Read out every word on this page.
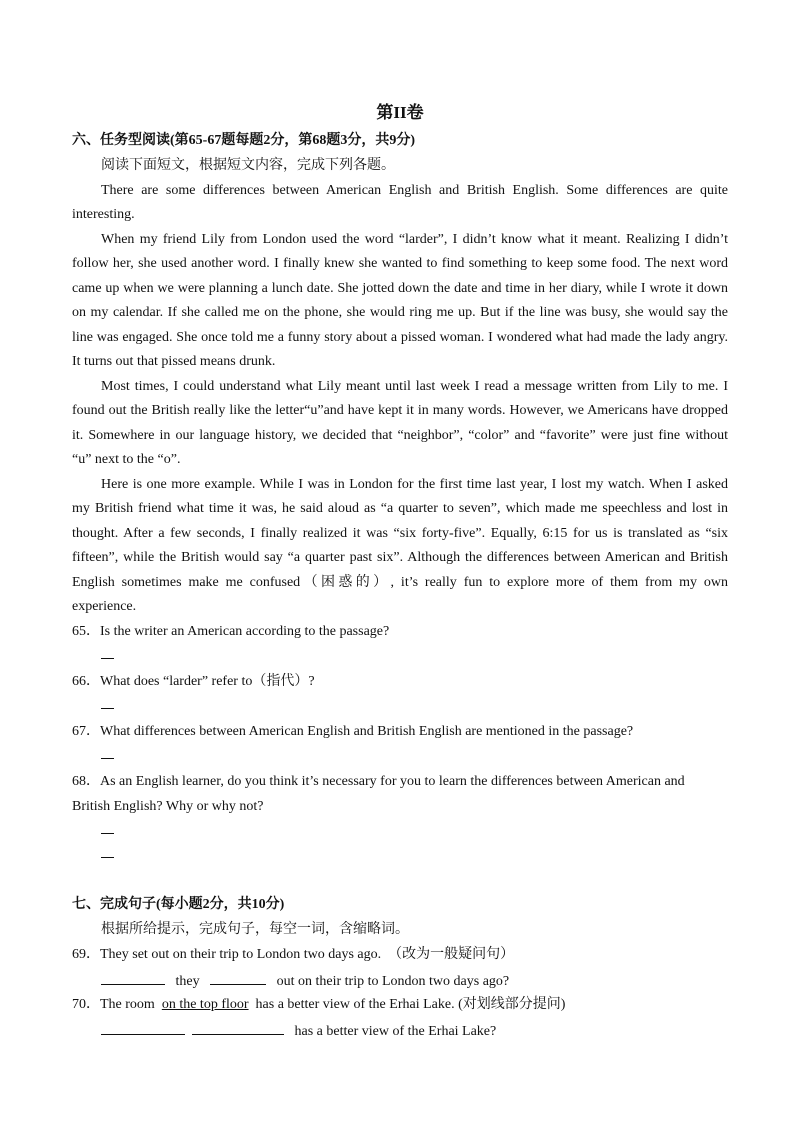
第II卷
六、任务型阅读(第65-67题每题2分，第68题3分，共9分)
阅读下面短文，根据短文内容，完成下列各题。
There are some differences between American English and British English. Some differences are quite
interesting.
When my friend Lily from London used the word “larder”, I didn’t know what it meant. Realizing I didn’t
follow her, she used another word. I finally knew she wanted to find something to keep some food. The next word
came up when we were planning a lunch date. She jotted down the date and time in her diary, while I wrote it down
on my calendar. If she called me on the phone, she would ring me up. But if the line was busy, she would say the
line was engaged. She once told me a funny story about a pissed woman. I wondered what had made the lady angry.
It turns out that pissed means drunk.
Most times, I could understand what Lily meant until last week I read a message written from Lily to me. I
found out the British really like the letter“u”and have kept it in many words. However, we Americans have dropped
it. Somewhere in our language history, we decided that “neighbor”, “color” and “favorite” were just fine without
“u” next to the “o”.
Here is one more example. While I was in London for the first time last year, I lost my watch. When I asked
my British friend what time it was, he said aloud as “a quarter to seven”, which made me speechless and lost in
thought. After a few seconds, I finally realized it was “six forty-five”. Equally, 6:15 for us is translated as “six
fifteen”, while the British would say “a quarter past six”. Although the differences between American and British
English sometimes make me confused（困惑的）, it’s really fun to explore more of them from my own
experience.
65．Is the writer an American according to the passage?
66．What does “larder” refer to（指代）?
67．What differences between American English and British English are mentioned in the passage?
68．As an English learner, do you think it’s necessary for you to learn the differences between American and
British English? Why or why not?
七、完成句子(每小题2分，共10分)
根据所给提示，完成句子，每空一词，含缩略词。
69．They set out on their trip to London two days ago. （改为一般疑问句）
they	out on their trip to London two days ago?
70．The room on the top floor has a better view of the Erhai Lake. (对划线部分提问)
has a better view of the Erhai Lake?
